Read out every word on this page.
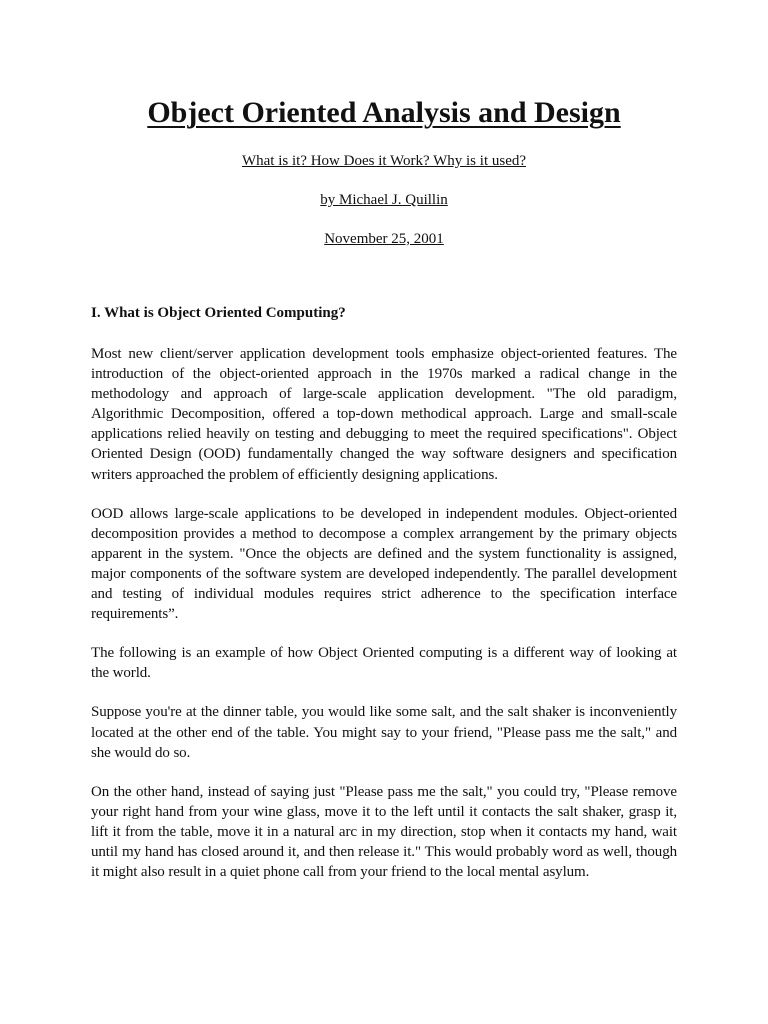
Object Oriented Analysis and Design

What is it? How Does it Work? Why is it used?

by Michael J. Quillin

November 25, 2001

I. What is Object Oriented Computing?

Most new client/server application development tools emphasize object-oriented features. The introduction of the object-oriented approach in the 1970s marked a radical change in the methodology and approach of large-scale application development. "The old paradigm, Algorithmic Decomposition, offered a top-down methodical approach. Large and small-scale applications relied heavily on testing and debugging to meet the required specifications". Object Oriented Design (OOD) fundamentally changed the way software designers and specification writers approached the problem of efficiently designing applications.

OOD allows large-scale applications to be developed in independent modules. Object-oriented decomposition provides a method to decompose a complex arrangement by the primary objects apparent in the system. "Once the objects are defined and the system functionality is assigned, major components of the software system are developed independently. The parallel development and testing of individual modules requires strict adherence to the specification interface requirements”.

The following is an example of how Object Oriented computing is a different way of looking at the world.

Suppose you're at the dinner table, you would like some salt, and the salt shaker is inconveniently located at the other end of the table. You might say to your friend, "Please pass me the salt," and she would do so.

On the other hand, instead of saying just "Please pass me the salt," you could try, "Please remove your right hand from your wine glass, move it to the left until it contacts the salt shaker, grasp it, lift it from the table, move it in a natural arc in my direction, stop when it contacts my hand, wait until my hand has closed around it, and then release it." This would probably word as well, though it might also result in a quiet phone call from your friend to the local mental asylum.
